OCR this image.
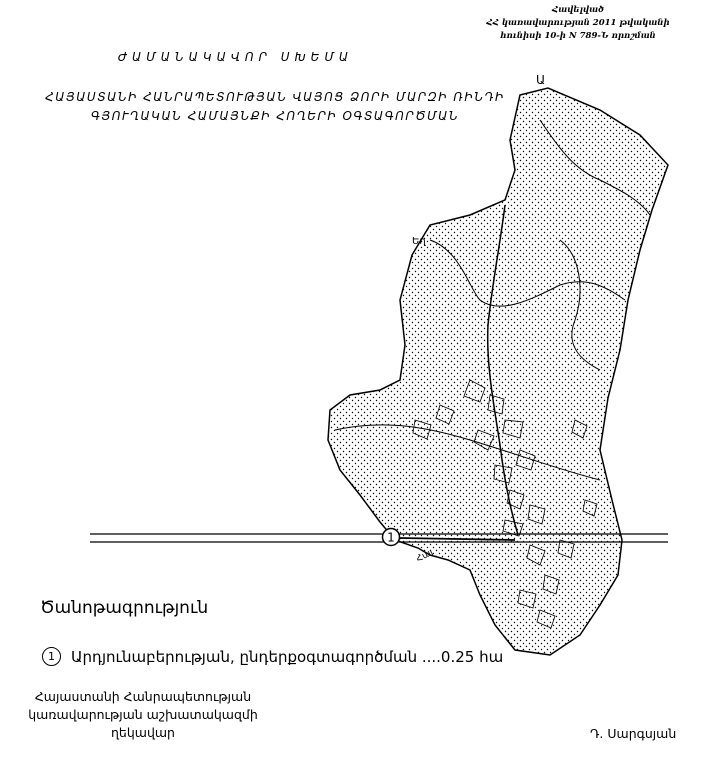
Հավելված
ՀՀ կառավարության 2011 թվականի
հունիսի 10-ի N 789-Ն որոշման
ԺԱՄԱՆԱԿԱՎՈՐ ՍԽԵՄԱ
ՀԱՅԱՍՏԱՆԻ ՀԱՆՐԱՊԵՏՈՒԹՅԱՆ ՎԱՅՈՑ ՁՈՐԻ ՄԱՐԶԻ ՌԻՆԴԻ
ԳՅՈՒՂԱԿԱՆ ՀԱՄԱՅՆՔԻ ՀՈՂԵՐԻ ՕԳՏԱԳՈՐԾՄԱՆ
1
Ա
Եղ
Հայ
Ծանոթագրություն
1	Արդյունաբերության, ընդերքօգտագործման ....0.25 հա
Հայաստանի Հանրապետության
կառավարության աշխատակազմի
ղեկավար	Դ. Սարգսյան
